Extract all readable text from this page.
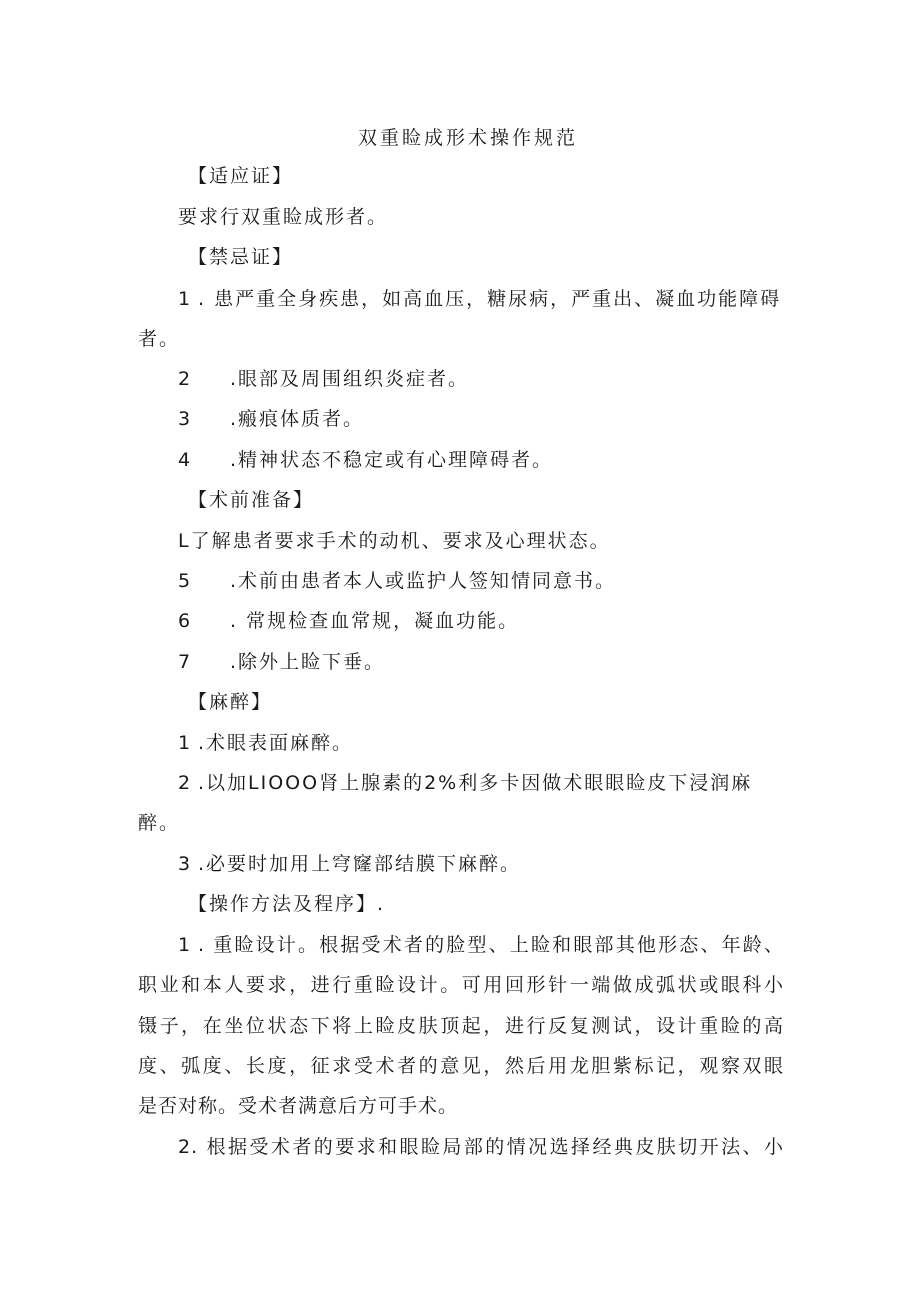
双重睑成形术操作规范
【适应证】
要求行双重睑成形者。
【禁忌证】
1 . 患严重全身疾患，如高血压，糖尿病，严重出、凝血功能障碍
者。
2 .眼部及周围组织炎症者。
3 .瘢痕体质者。
4 .精神状态不稳定或有心理障碍者。
【术前准备】
L了解患者要求手术的动机、要求及心理状态。
5 .术前由患者本人或监护人签知情同意书。
6 . 常规检查血常规，凝血功能。
7 .除外上睑下垂。
【麻醉】
1 .术眼表面麻醉。
2 .以加LIOOO肾上腺素的2%利多卡因做术眼眼睑皮下浸润麻
醉。
3 .必要时加用上穹窿部结膜下麻醉。
【操作方法及程序】.
1 . 重睑设计。根据受术者的脸型、上睑和眼部其他形态、年龄、
职业和本人要求，进行重睑设计。可用回形针一端做成弧状或眼科小
镊子，在坐位状态下将上睑皮肤顶起，进行反复测试，设计重睑的高
度、弧度、长度，征求受术者的意见，然后用龙胆紫标记，观察双眼
是否对称。受术者满意后方可手术。
2. 根据受术者的要求和眼睑局部的情况选择经典皮肤切开法、小
